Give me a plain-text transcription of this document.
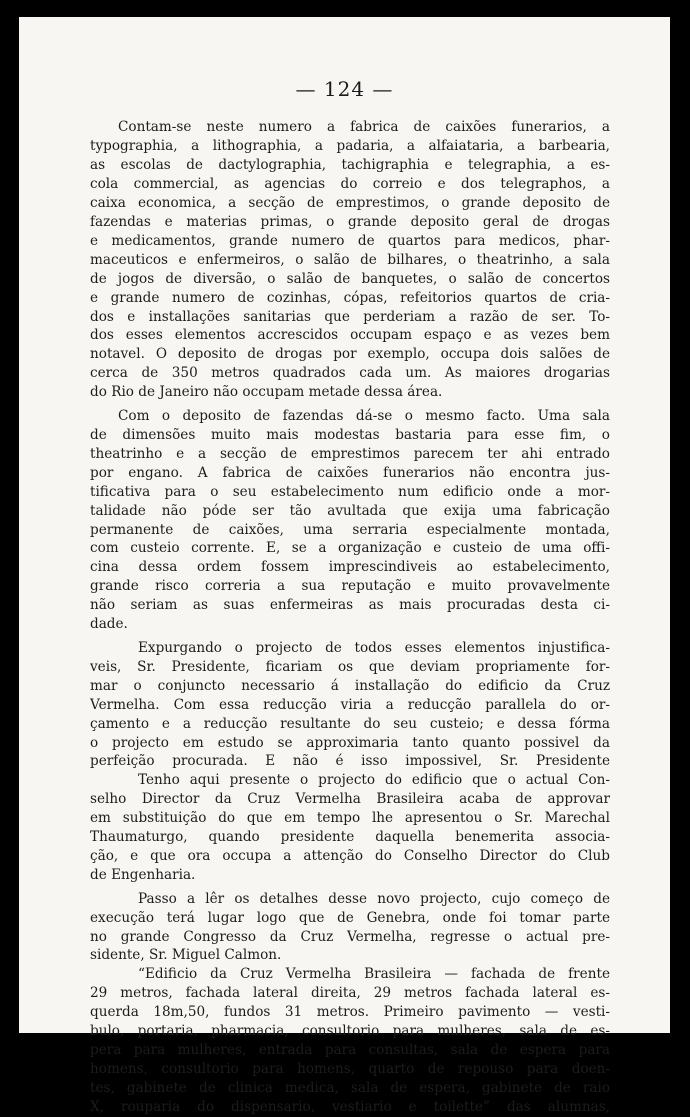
— 124 —

Contam-se neste numero a fabrica de caixões funerarios, a
typographia, a lithographia, a padaria, a alfaiataria, a barbearia,
as escolas de dactylographia, tachigraphia e telegraphia, a es-
cola commercial, as agencias do correio e dos telegraphos, a
caixa economica, a secção de emprestimos, o grande deposito de
fazendas e materias primas, o grande deposito geral de drogas
e medicamentos, grande numero de quartos para medicos, phar-
maceuticos e enfermeiros, o salão de bilhares, o theatrinho, a sala
de jogos de diversão, o salão de banquetes, o salão de concertos
e grande numero de cozinhas, cópas, refeitorios quartos de cria-
dos e installações sanitarias que perderiam a razão de ser. To-
dos esses elementos accrescidos occupam espaço e as vezes bem
notavel. O deposito de drogas por exemplo, occupa dois salões de
cerca de 350 metros quadrados cada um. As maiores drogarias
do Rio de Janeiro não occupam metade dessa área.

Com o deposito de fazendas dá-se o mesmo facto. Uma sala
de dimensões muito mais modestas bastaria para esse fim, o
theatrinho e a secção de emprestimos parecem ter ahi entrado
por engano. A fabrica de caixões funerarios não encontra jus-
tificativa para o seu estabelecimento num edificio onde a mor-
talidade não póde ser tão avultada que exija uma fabricação
permanente de caixões, uma serraria especialmente montada,
com custeio corrente. E, se a organização e custeio de uma offi-
cina dessa ordem fossem imprescindiveis ao estabelecimento,
grande risco correria a sua reputação e muito provavelmente
não seriam as suas enfermeiras as mais procuradas desta ci-
dade.

Expurgando o projecto de todos esses elementos injustifica-
veis, Sr. Presidente, ficariam os que deviam propriamente for-
mar o conjuncto necessario á installação do edificio da Cruz
Vermelha. Com essa reducção viria a reducção parallela do or-
çamento e a reducção resultante do seu custeio; e dessa fórma
o projecto em estudo se approximaria tanto quanto possivel da
perfeição procurada. E não é isso impossivel, Sr. Presidente
Tenho aqui presente o projecto do edificio que o actual Con-
selho Director da Cruz Vermelha Brasileira acaba de approvar
em substituição do que em tempo lhe apresentou o Sr. Marechal
Thaumaturgo, quando presidente daquella benemerita associa-
ção, e que ora occupa a attenção do Conselho Director do Club
de Engenharia.

Passo a lêr os detalhes desse novo projecto, cujo começo de
execução terá lugar logo que de Genebra, onde foi tomar parte
no grande Congresso da Cruz Vermelha, regresse o actual pre-
sidente, Sr. Miguel Calmon.
“Edificio da Cruz Vermelha Brasileira — fachada de frente
29 metros, fachada lateral direita, 29 metros fachada lateral es-
querda 18m,50, fundos 31 metros. Primeiro pavimento — vesti-
bulo, portaria, pharmacia, consultorio para mulheres, sala de es-
pera para mulheres, entrada para consultas, sala de espera para
homens, consultorio para homens, quarto de repouso para doen-
tes, gabinete de clinica medica, sala de espera, gabinete de raio
X, rouparia do dispensario, vestiario e toilette” das alumnas,
